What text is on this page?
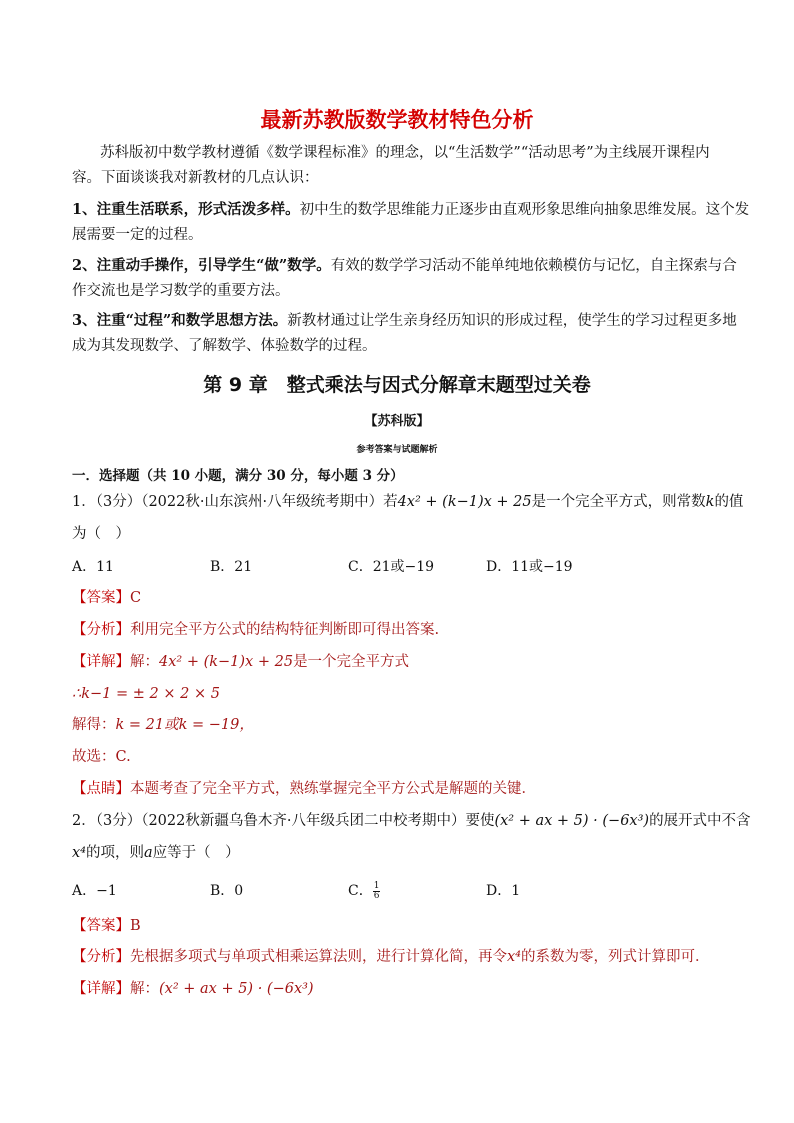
最新苏教版数学教材特色分析
苏科版初中数学教材遵循《数学课程标准》的理念，以“生活数学”“活动思考”为主线展开课程内
容。下面谈谈我对新教材的几点认识：
1、注重生活联系，形式活泼多样。初中生的数学思维能力正逐步由直观形象思维向抽象思维发展。这个发
展需要一定的过程。
2、注重动手操作，引导学生“做”数学。有效的数学学习活动不能单纯地依赖模仿与记忆，自主探索与合
作交流也是学习数学的重要方法。
3、注重“过程”和数学思想方法。新教材通过让学生亲身经历知识的形成过程，使学生的学习过程更多地
成为其发现数学、了解数学、体验数学的过程。
第 9 章　整式乘法与因式分解章末题型过关卷
【苏科版】
参考答案与试题解析
一．选择题（共 10 小题，满分 30 分，每小题 3 分）
1．（3分）（2022秋·山东滨州·八年级统考期中）若4x² + (k−1)x + 25是一个完全平方式，则常数k的值
为（　）
A．11	B．21	C．21或−19	D．11或−19
【答案】C
【分析】利用完全平方公式的结构特征判断即可得出答案.
【详解】解：4x² + (k−1)x + 25是一个完全平方式
∴k−1 = ± 2 × 2 × 5
解得：k = 21或k = −19，
故选：C.
【点睛】本题考查了完全平方式，熟练掌握完全平方公式是解题的关键．
2．（3分）（2022秋新疆乌鲁木齐·八年级兵团二中校考期中）要使(x² + ax + 5) · (−6x³)的展开式中不含
x⁴的项，则a应等于（　）
A．−1	B．0	C． $\frac{1}{6}$	D．1
【答案】B
【分析】先根据多项式与单项式相乘运算法则，进行计算化简，再令x⁴的系数为零，列式计算即可．
【详解】解：(x² + ax + 5) · (−6x³)
